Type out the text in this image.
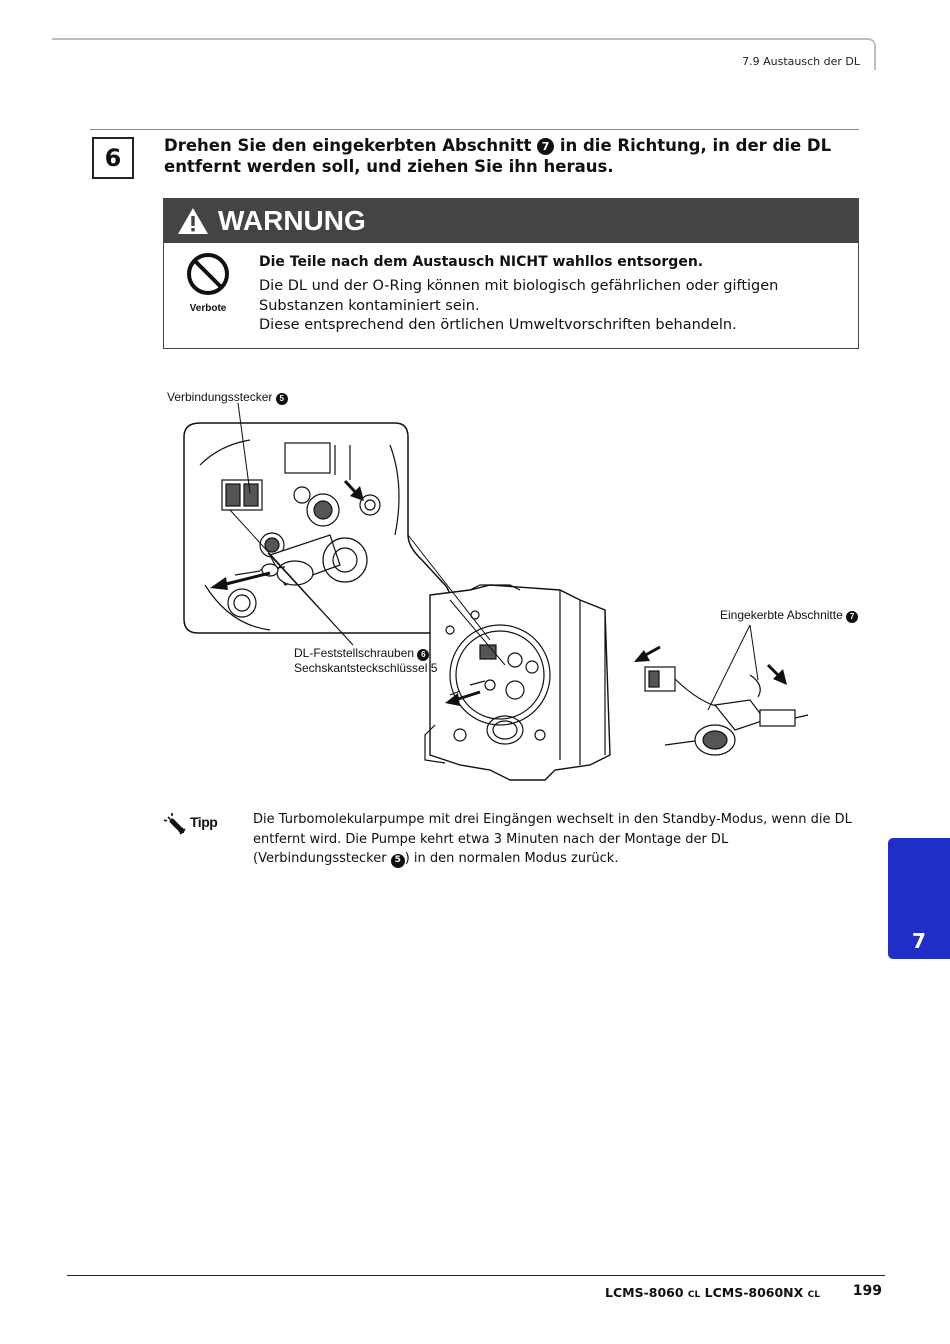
7.9 Austausch der DL
6	Drehen Sie den eingekerbten Abschnitt 7 in die Richtung, in der die DL entfernt werden soll, und ziehen Sie ihn heraus.
WARNUNG
Verbote
Die Teile nach dem Austausch NICHT wahllos entsorgen.
Die DL und der O-Ring können mit biologisch gefährlichen oder giftigen Substanzen kontaminiert sein.
Diese entsprechend den örtlichen Umweltvorschriften behandeln.
Verbindungsstecker 5
DL-Feststellschrauben 6
Sechskantsteckschlüssel 5
Eingekerbte Abschnitte 7
Tipp	Die Turbomolekularpumpe mit drei Eingängen wechselt in den Standby-Modus, wenn die DL entfernt wird. Die Pumpe kehrt etwa 3 Minuten nach der Montage der DL (Verbindungsstecker 5 ) in den normalen Modus zurück.
7
LCMS-8060 CL LCMS-8060NX CL 199
